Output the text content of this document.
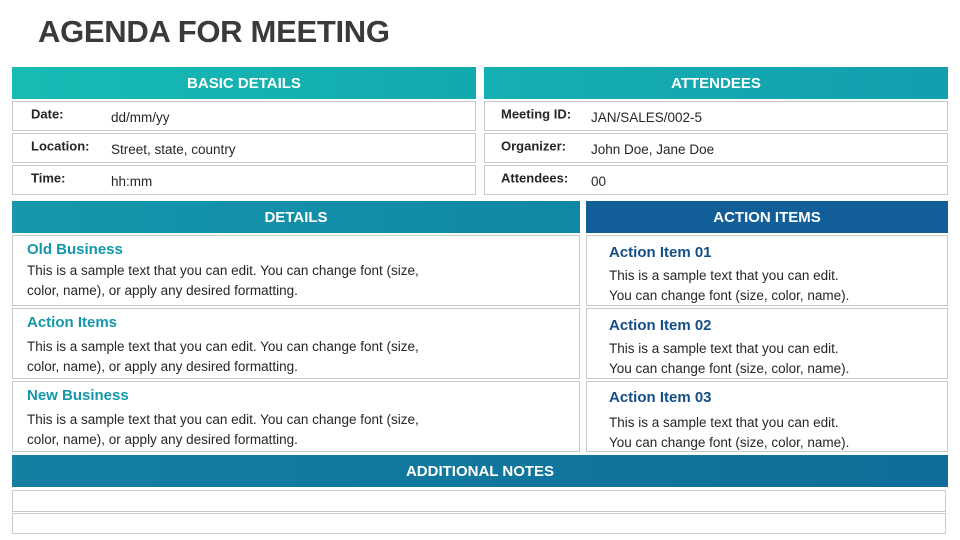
AGENDA FOR MEETING
BASIC DETAILS
Date:	dd/mm/yy
Location: Street, state, country
Time:	hh:mm
ATTENDEES
Meeting ID: JAN/SALES/002-5
Organizer: John Doe, Jane Doe
Attendees: 00
DETAILS
Old Business
This is a sample text that you can edit. You can change font (size, color, name), or apply any desired formatting.
Action Items
This is a sample text that you can edit. You can change font (size, color, name), or apply any desired formatting.
New Business
This is a sample text that you can edit. You can change font (size, color, name), or apply any desired formatting.
ACTION ITEMS
Action Item 01
This is a sample text that you can edit.
You can change font (size, color, name).
Action Item 02
This is a sample text that you can edit.
You can change font (size, color, name).
Action Item 03
This is a sample text that you can edit.
You can change font (size, color, name).
ADDITIONAL NOTES
